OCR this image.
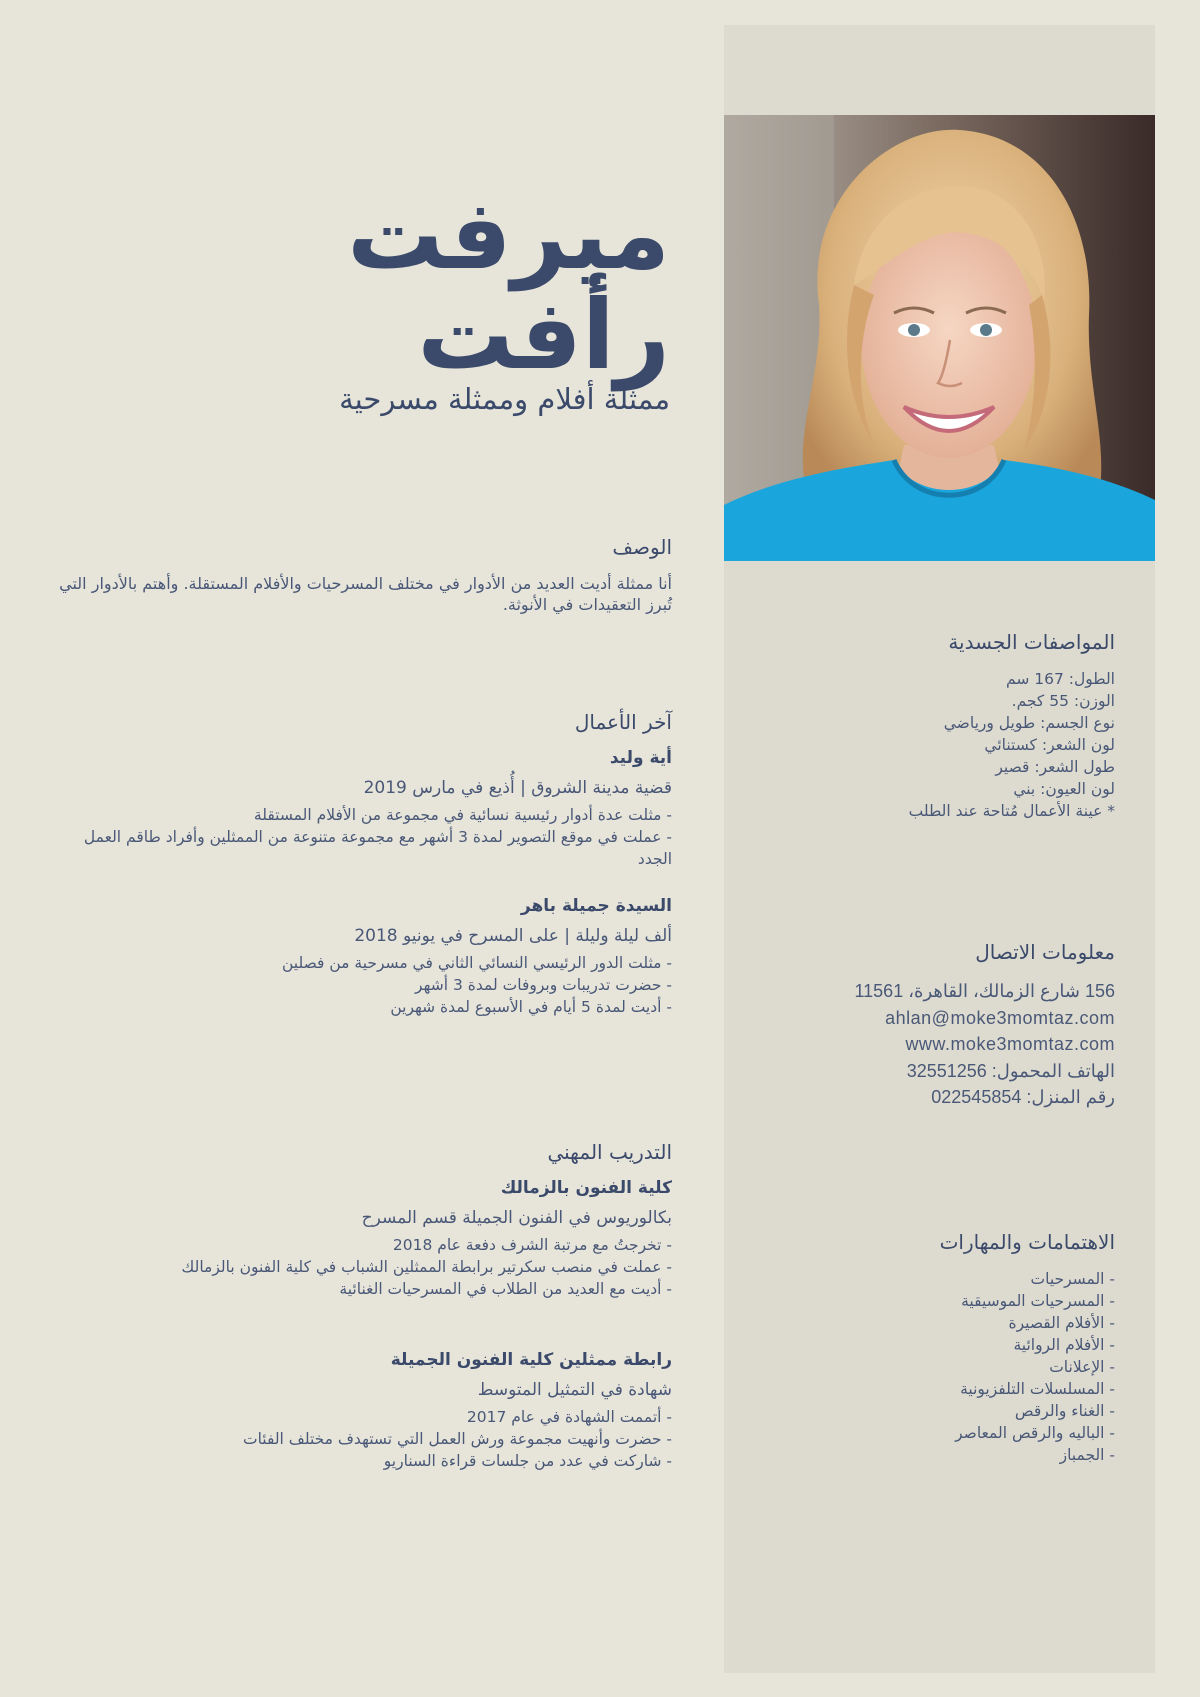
ميرفت

رأفت

ممثلة أفلام وممثلة مسرحية
الوصف

أنا ممثلة أديت العديد من الأدوار في مختلف المسرحيات والأفلام المستقلة. وأهتم بالأدوار التي تُبرز التعقيدات في الأنوثة.

آخر الأعمال

أية وليد

قضية مدينة الشروق | أُذيع في مارس 2019

- مثلت عدة أدوار رئيسية نسائية في مجموعة من الأفلام المستقلة
- عملت في موقع التصوير لمدة 3 أشهر مع مجموعة متنوعة من الممثلين وأفراد طاقم العمل الجدد

السيدة جميلة باهر

ألف ليلة وليلة | على المسرح في يونيو 2018

- مثلت الدور الرئيسي النسائي الثاني في مسرحية من فصلين
- حضرت تدريبات وبروفات لمدة 3 أشهر
- أديت لمدة 5 أيام في الأسبوع لمدة شهرين
التدريب المهني

كلية الفنون بالزمالك

بكالوريوس في الفنون الجميلة قسم المسرح

- تخرجتُ مع مرتبة الشرف دفعة عام 2018
- عملت في منصب سكرتير برابطة الممثلين الشباب في كلية الفنون بالزمالك
- أديت مع العديد من الطلاب في المسرحيات الغنائية

رابطة ممثلين كلية الفنون الجميلة

شهادة في التمثيل المتوسط

- أتممت الشهادة في عام 2017
- حضرت وأنهيت مجموعة ورش العمل التي تستهدف مختلف الفئات
- شاركت في عدد من جلسات قراءة السناريو
المواصفات الجسدية
الطول: 167 سم
الوزن: 55 كجم.
نوع الجسم: طويل ورياضي
لون الشعر: كستنائي
طول الشعر: قصير
لون العيون: بني
* عينة الأعمال مُتاحة عند الطلب
معلومات الاتصال
156 شارع الزمالك، القاهرة، 11561
ahlan@moke3momtaz.com
www.moke3momtaz.com
الهاتف المحمول: 32551256
رقم المنزل: 022545854
الاهتمامات والمهارات
- المسرحيات
- المسرحيات الموسيقية
- الأفلام القصيرة
- الأفلام الروائية
- الإعلانات
- المسلسلات التلفزيونية
- الغناء والرقص
- الباليه والرقص المعاصر
- الجمباز
